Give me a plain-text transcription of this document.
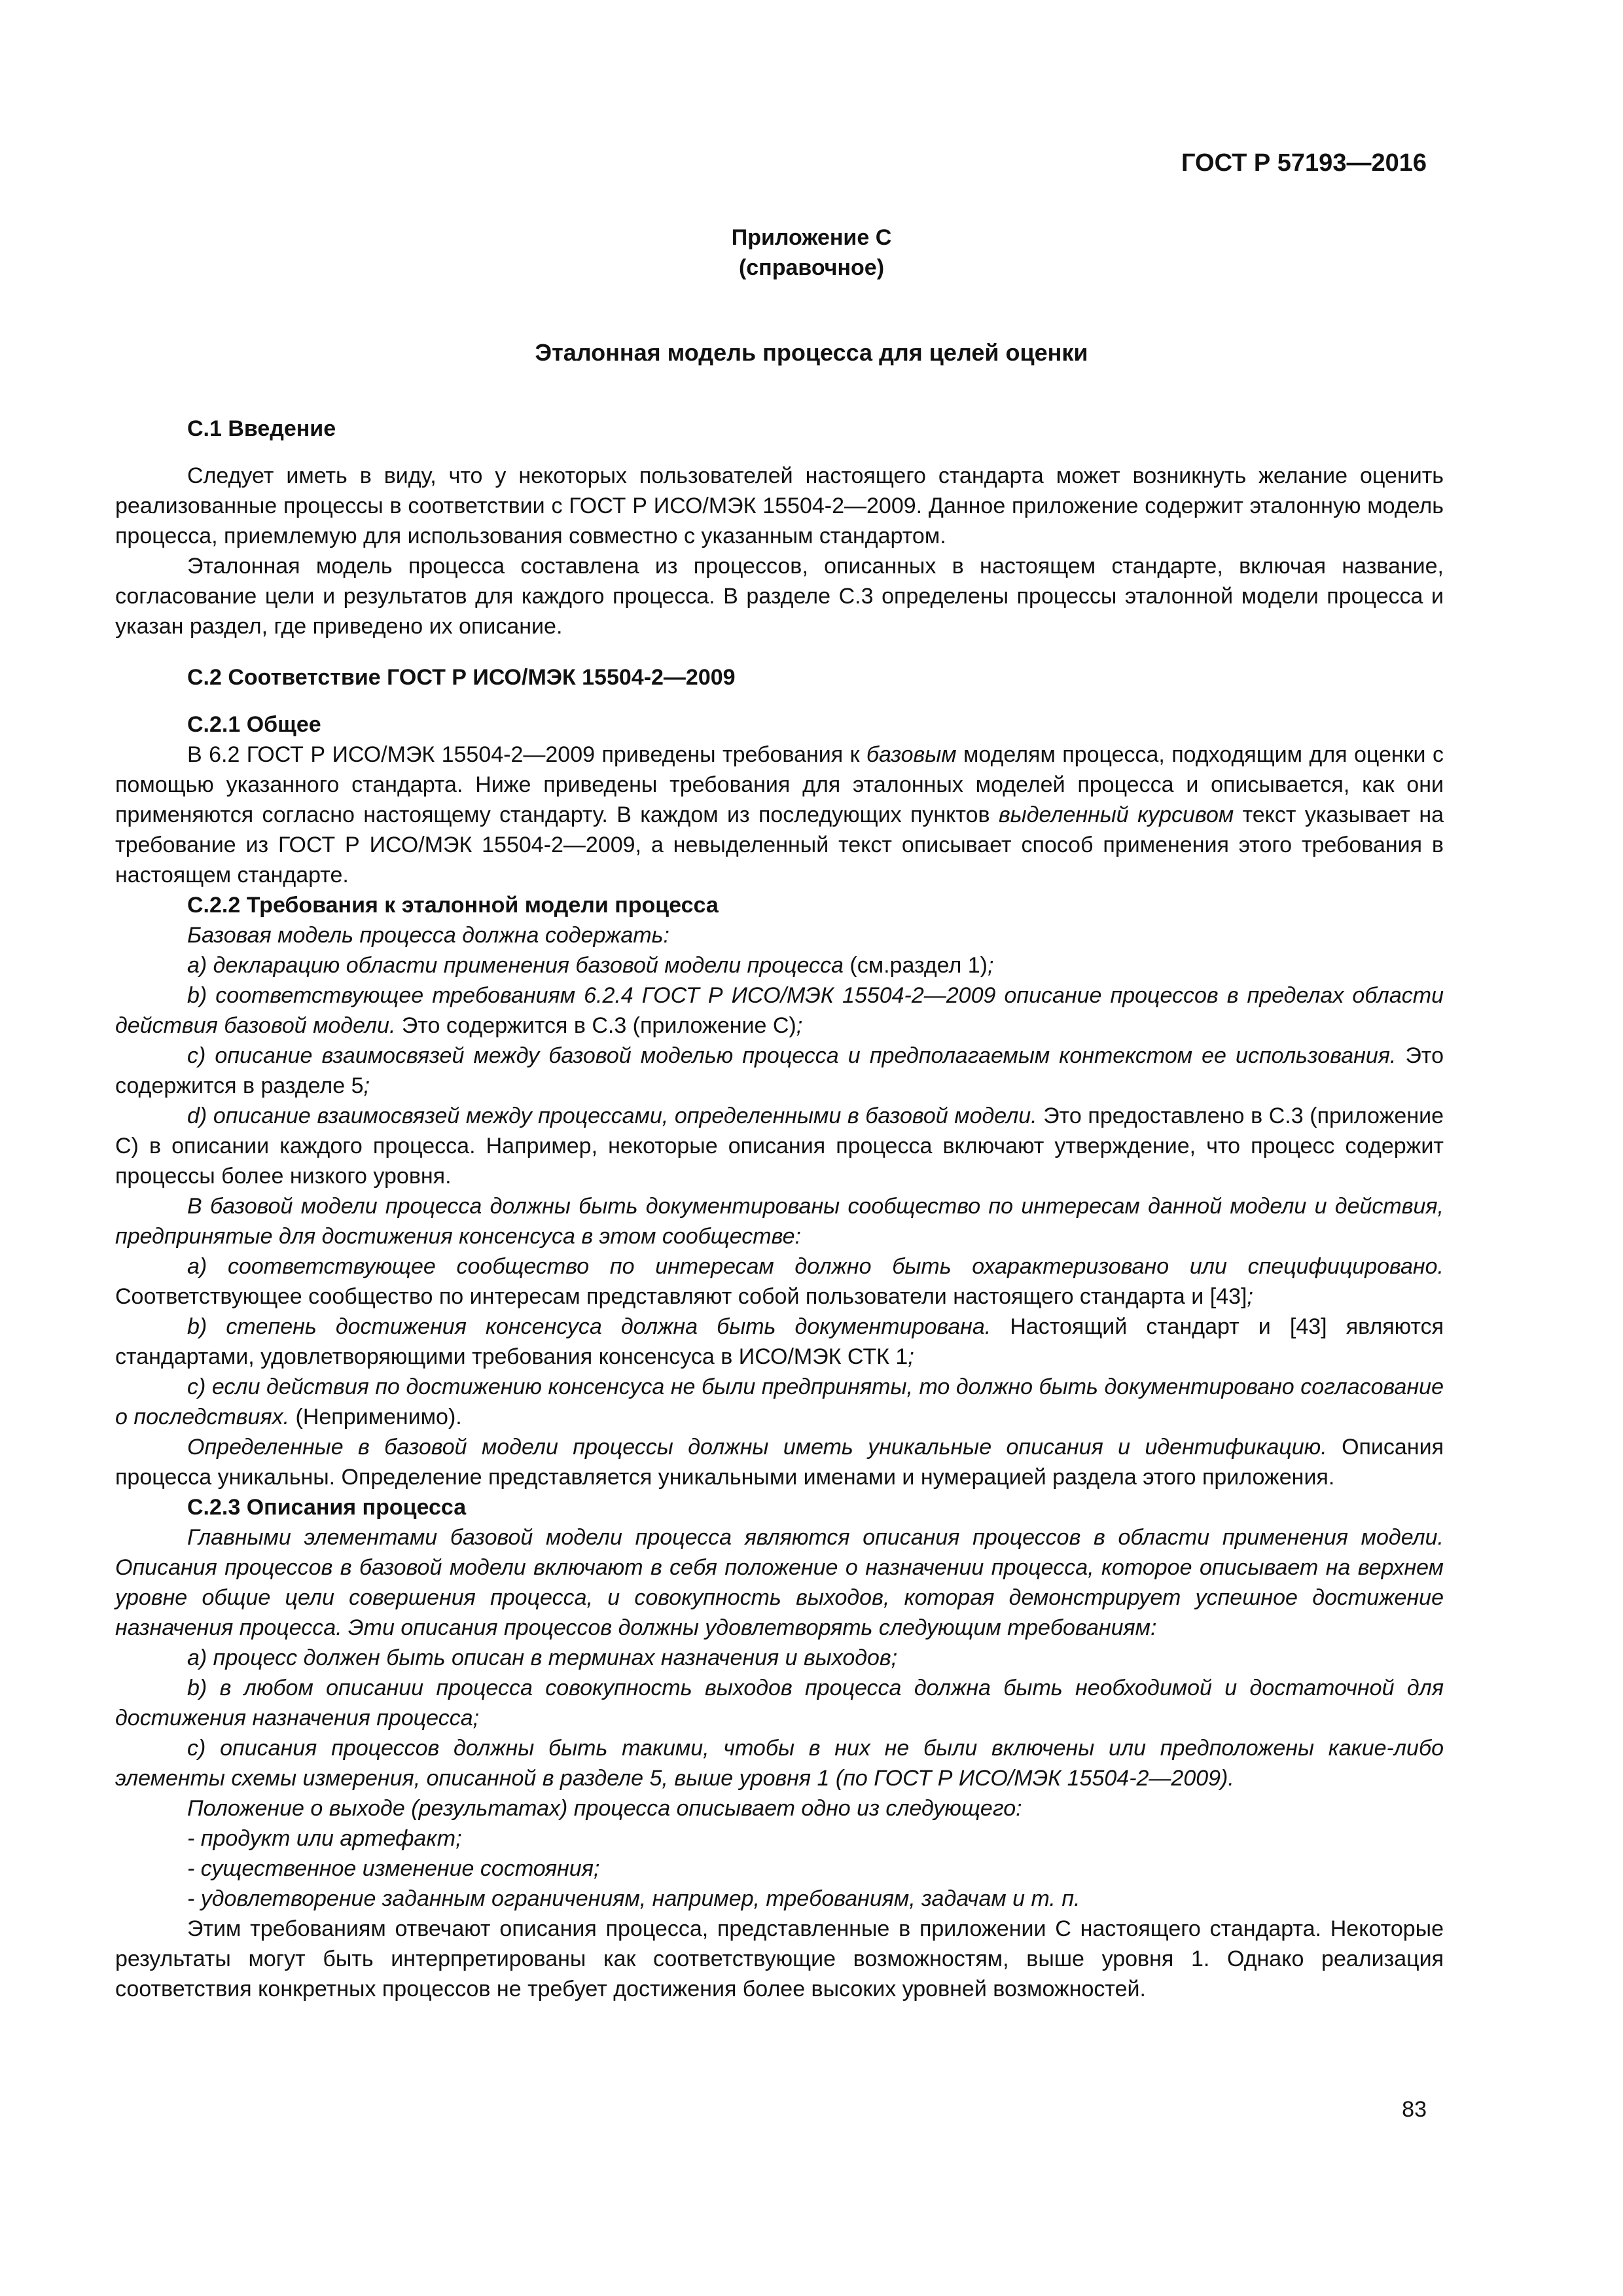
ГОСТ Р 57193—2016
Приложение С
(справочное)
Эталонная модель процесса для целей оценки
С.1 Введение

Следует иметь в виду, что у некоторых пользователей настоящего стандарта может возникнуть желание оценить реализованные процессы в соответствии с ГОСТ Р ИСО/МЭК 15504-2—2009. Данное приложение содержит эталонную модель процесса, приемлемую для использования совместно с указанным стандартом.

Эталонная модель процесса составлена из процессов, описанных в настоящем стандарте, включая название, согласование цели и результатов для каждого процесса. В разделе С.3 определены процессы эталонной модели процесса и указан раздел, где приведено их описание.

С.2 Соответствие ГОСТ Р ИСО/МЭК 15504-2—2009
С.2.1 Общее

В 6.2 ГОСТ Р ИСО/МЭК 15504-2—2009 приведены требования к базовым моделям процесса, подходящим для оценки с помощью указанного стандарта. Ниже приведены требования для эталонных моделей процесса и описывается, как они применяются согласно настоящему стандарту. В каждом из последующих пунктов выделенный курсивом текст указывает на требование из ГОСТ Р ИСО/МЭК 15504-2—2009, а невыделенный текст описывает способ применения этого требования в настоящем стандарте.

С.2.2 Требования к эталонной модели процесса

Базовая модель процесса должна содержать:

а) декларацию области применения базовой модели процесса (см.раздел 1);

b) соответствующее требованиям 6.2.4 ГОСТ Р ИСО/МЭК 15504-2—2009 описание процессов в пределах области действия базовой модели. Это содержится в С.3 (приложение С);

с) описание взаимосвязей между базовой моделью процесса и предполагаемым контекстом ее использования. Это содержится в разделе 5;

d) описание взаимосвязей между процессами, определенными в базовой модели. Это предоставлено в С.3 (приложение С) в описании каждого процесса. Например, некоторые описания процесса включают утверждение, что процесс содержит процессы более низкого уровня.

В базовой модели процесса должны быть документированы сообщество по интересам данной модели и действия, предпринятые для достижения консенсуса в этом сообществе:

а) соответствующее сообщество по интересам должно быть охарактеризовано или специфицировано. Соответствующее сообщество по интересам представляют собой пользователи настоящего стандарта и [43];

b) степень достижения консенсуса должна быть документирована. Настоящий стандарт и [43] являются стандартами, удовлетворяющими требования консенсуса в ИСО/МЭК СТК 1;

с) если действия по достижению консенсуса не были предприняты, то должно быть документировано согласование о последствиях. (Неприменимо).

Определенные в базовой модели процессы должны иметь уникальные описания и идентификацию. Описания процесса уникальны. Определение представляется уникальными именами и нумерацией раздела этого приложения.

С.2.3 Описания процесса

Главными элементами базовой модели процесса являются описания процессов в области применения модели. Описания процессов в базовой модели включают в себя положение о назначении процесса, которое описывает на верхнем уровне общие цели совершения процесса, и совокупность выходов, которая демонстрирует успешное достижение назначения процесса. Эти описания процессов должны удовлетворять следующим требованиям:

а) процесс должен быть описан в терминах назначения и выходов;

b) в любом описании процесса совокупность выходов процесса должна быть необходимой и достаточной для достижения назначения процесса;

с) описания процессов должны быть такими, чтобы в них не были включены или предположены какие-либо элементы схемы измерения, описанной в разделе 5, выше уровня 1 (по ГОСТ Р ИСО/МЭК 15504-2—2009).

Положение о выходе (результатах) процесса описывает одно из следующего:

- продукт или артефакт;

- существенное изменение состояния;

- удовлетворение заданным ограничениям, например, требованиям, задачам и т. п.

Этим требованиям отвечают описания процесса, представленные в приложении С настоящего стандарта. Некоторые результаты могут быть интерпретированы как соответствующие возможностям, выше уровня 1. Однако реализация соответствия конкретных процессов не требует достижения более высоких уровней возможностей.

83
